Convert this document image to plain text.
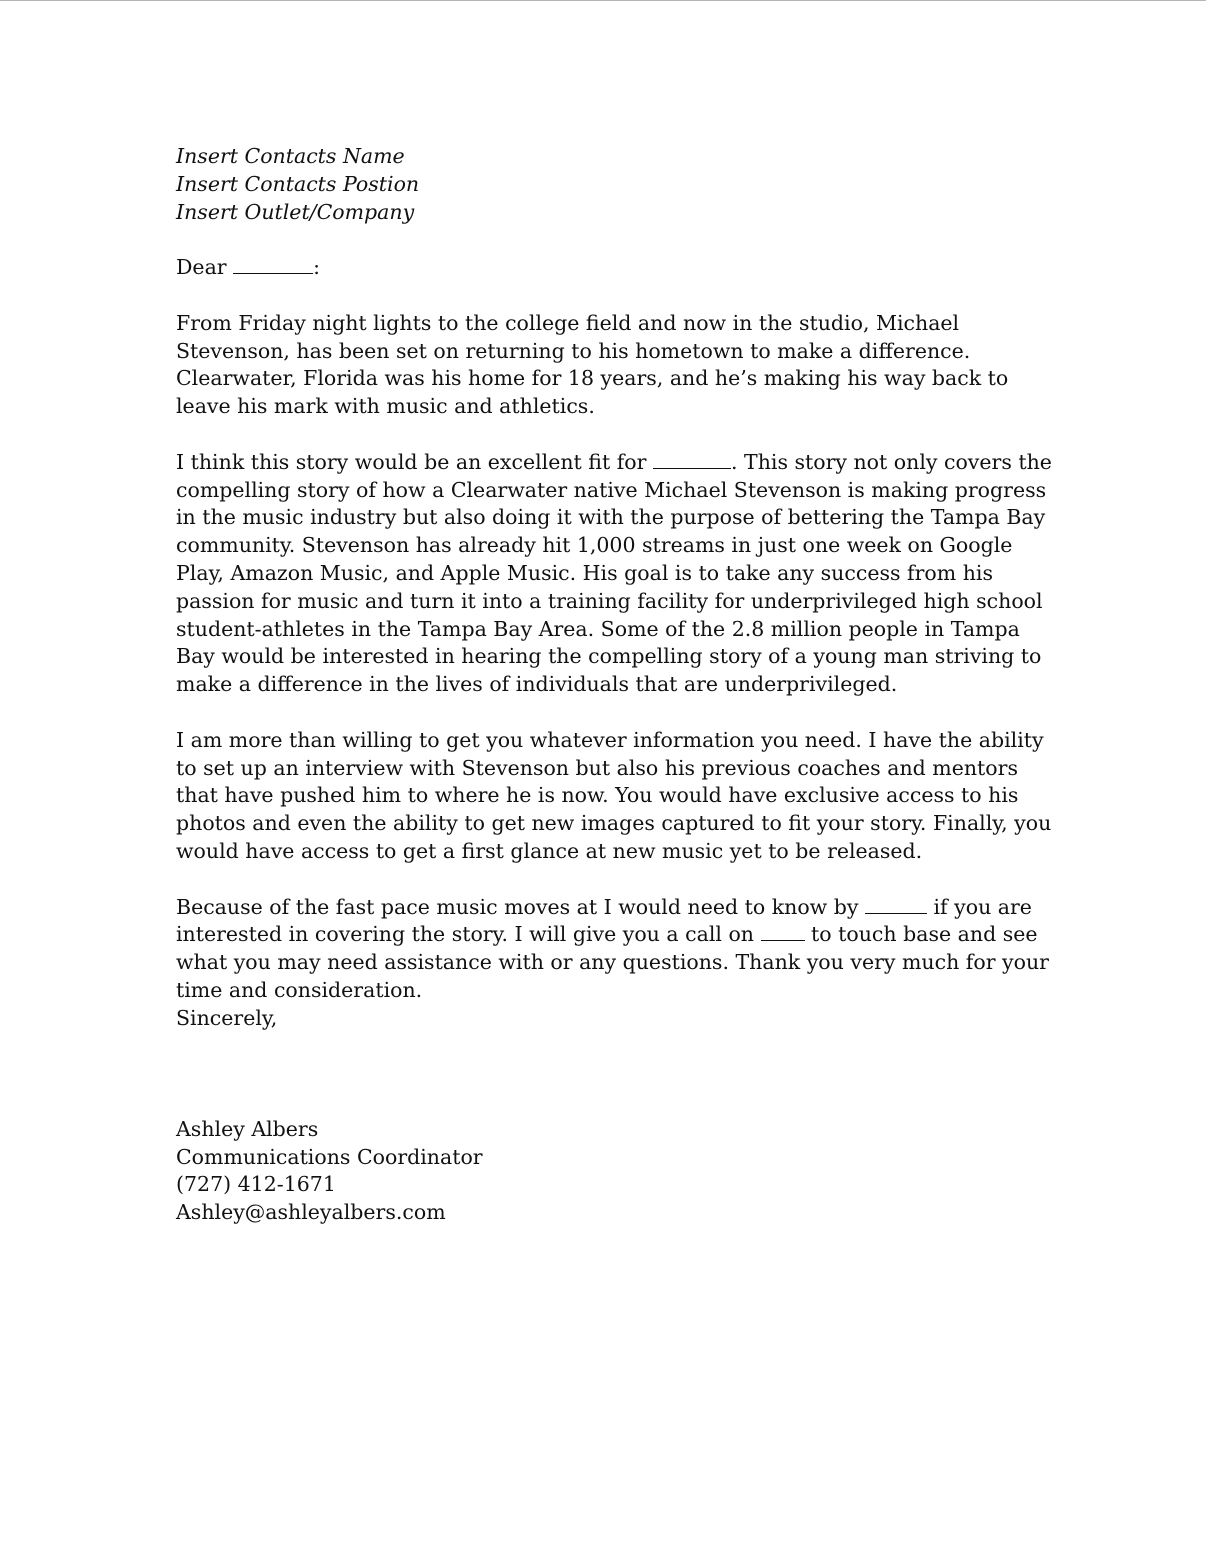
Insert Contacts Name
Insert Contacts Postion
Insert Outlet/Company
Dear	:
From Friday night lights to the college field and now in the studio, Michael
Stevenson, has been set on returning to his hometown to make a difference.
Clearwater, Florida was his home for 18 years, and he’s making his way back to
leave his mark with music and athletics.
I think this story would be an excellent fit for	. This story not only covers the
compelling story of how a Clearwater native Michael Stevenson is making progress
in the music industry but also doing it with the purpose of bettering the Tampa Bay
community. Stevenson has already hit 1,000 streams in just one week on Google
Play, Amazon Music, and Apple Music. His goal is to take any success from his
passion for music and turn it into a training facility for underprivileged high school
student-athletes in the Tampa Bay Area. Some of the 2.8 million people in Tampa
Bay would be interested in hearing the compelling story of a young man striving to
make a difference in the lives of individuals that are underprivileged.
I am more than willing to get you whatever information you need. I have the ability
to set up an interview with Stevenson but also his previous coaches and mentors
that have pushed him to where he is now. You would have exclusive access to his
photos and even the ability to get new images captured to fit your story. Finally, you
would have access to get a first glance at new music yet to be released.
Because of the fast pace music moves at I would need to know by	if you are
interested in covering the story. I will give you a call on  to touch base and see
what you may need assistance with or any questions. Thank you very much for your
time and consideration.
Sincerely,
Ashley Albers
Communications Coordinator
(727) 412-1671
Ashley@ashleyalbers.com
